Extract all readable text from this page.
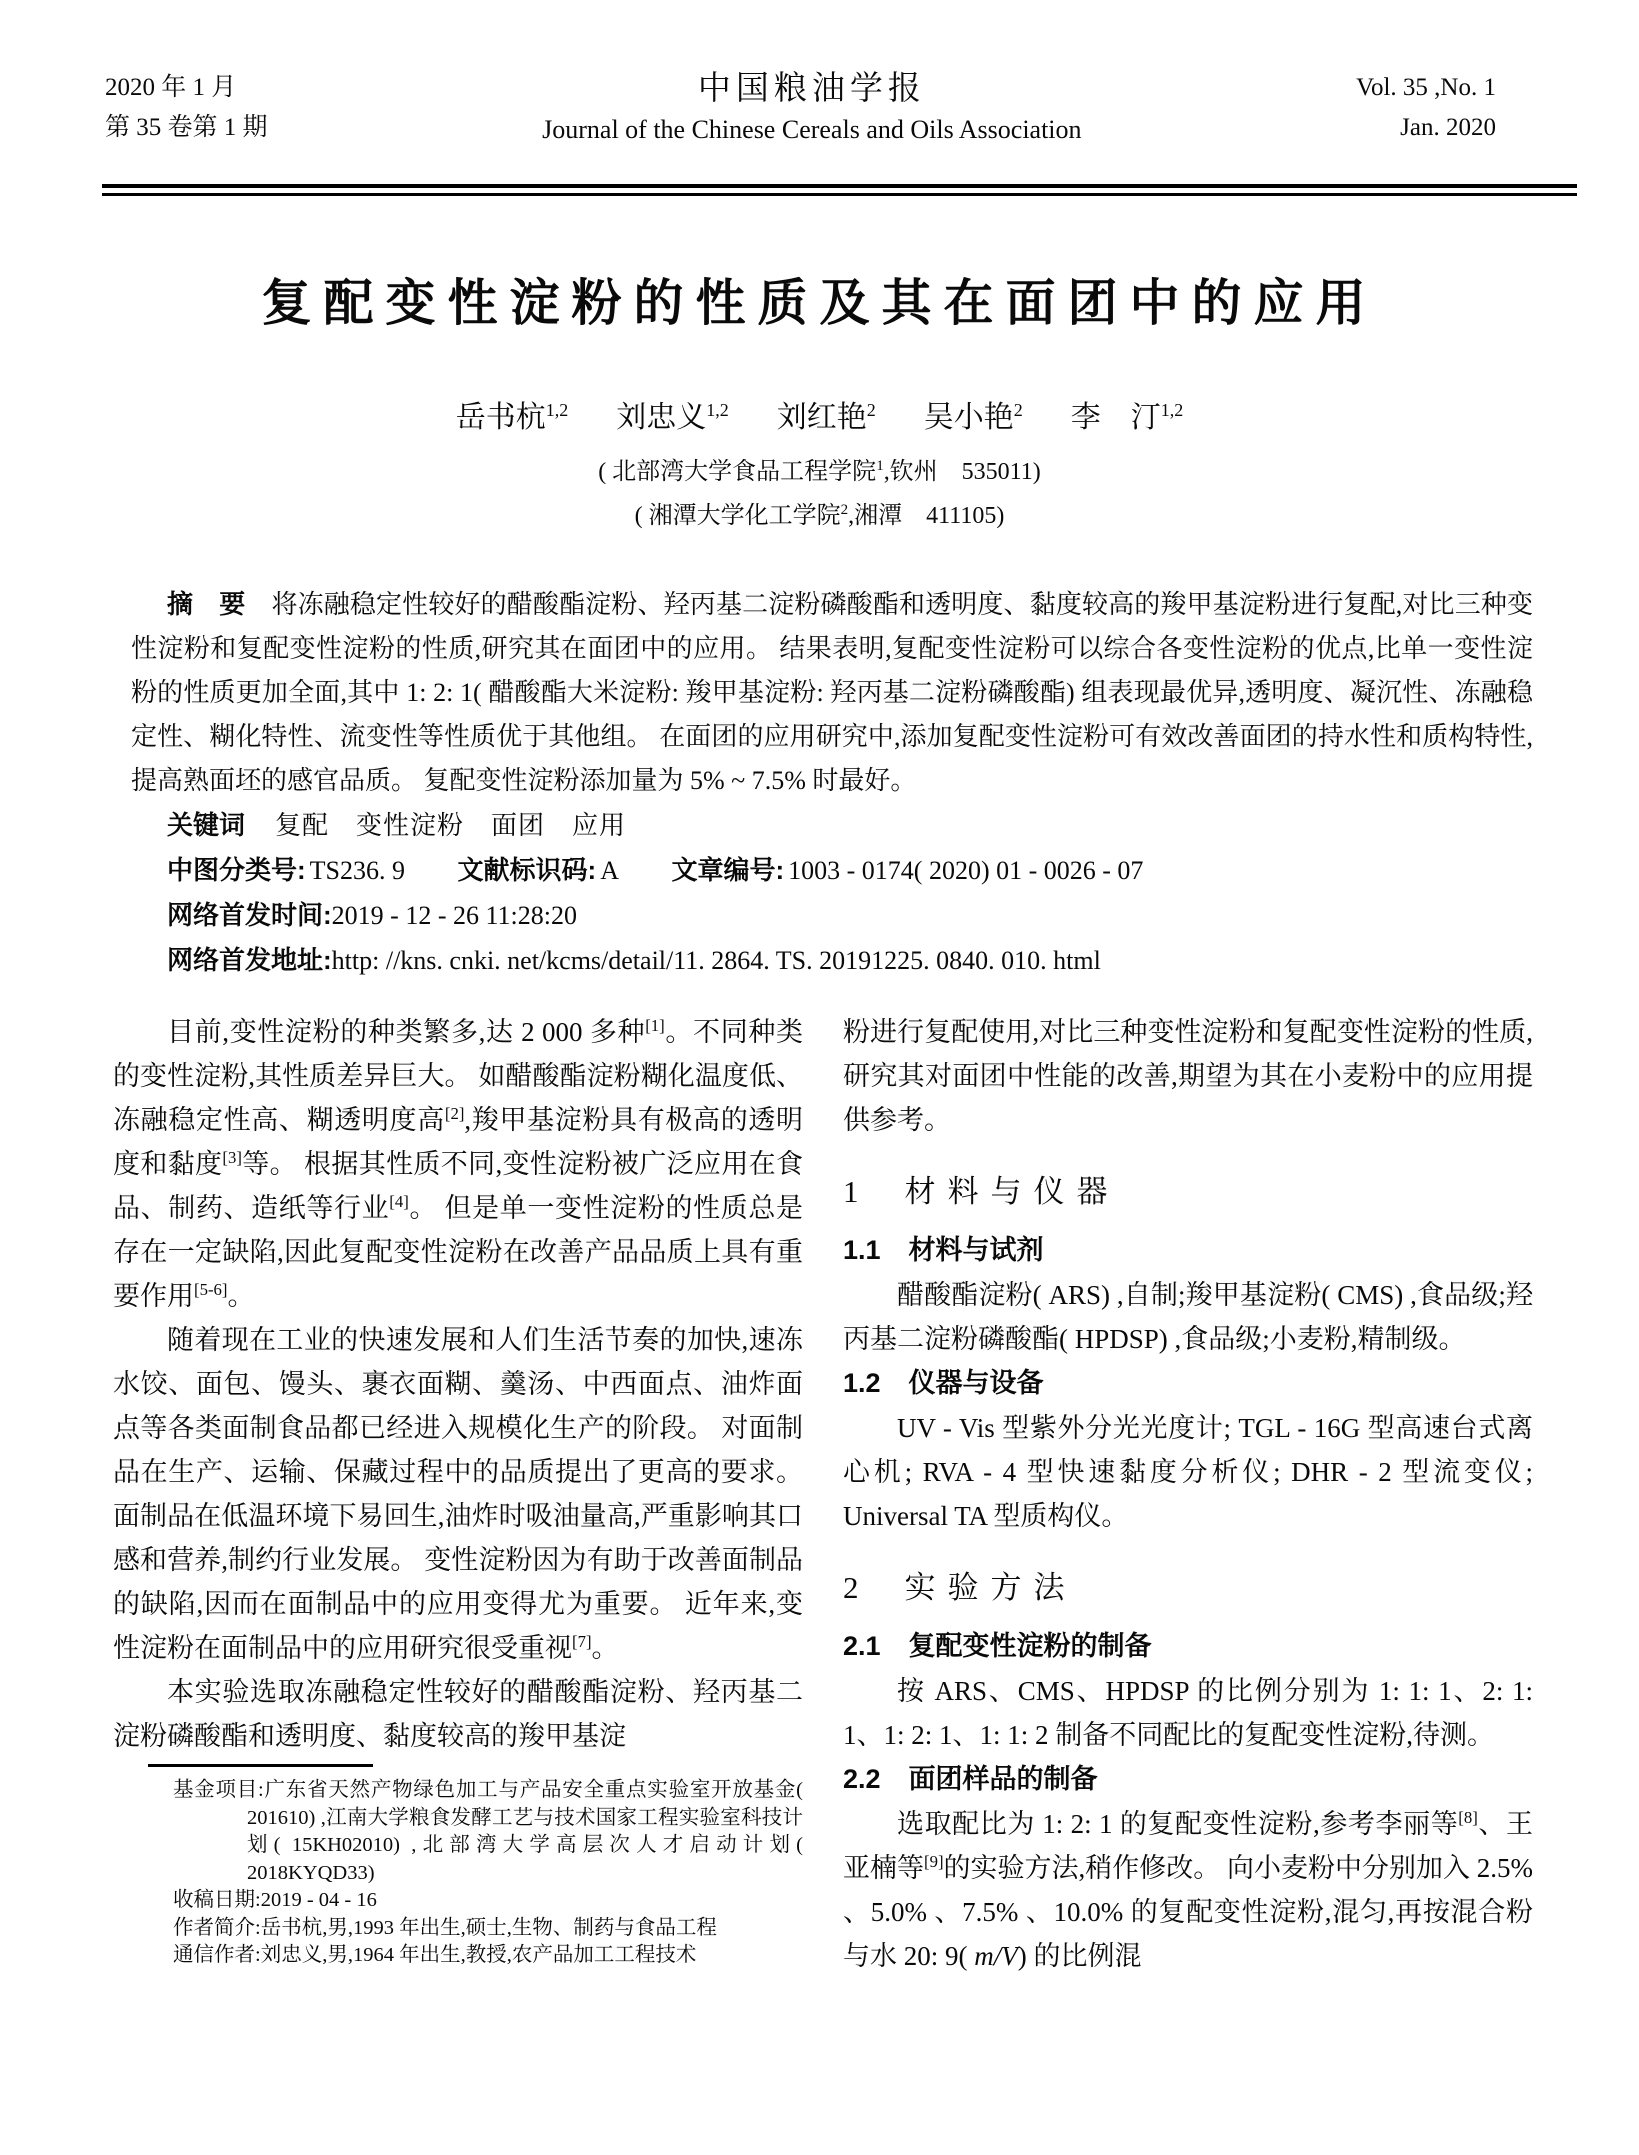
2020 年 1 月
第 35 卷第 1 期
中国粮油学报
Journal of the Chinese Cereals and Oils Association
Vol. 35 ,No. 1
Jan. 2020
复配变性淀粉的性质及其在面团中的应用
岳书杭$^{1,2}$ 刘忠义$^{1,2}$ 刘红艳$^2$ 吴小艳$^2$ 李　汀$^{1,2}$
( 北部湾大学食品工程学院$^1$,钦州　535011)
( 湘潭大学化工学院$^2$,湘潭　411105)
摘　要 将冻融稳定性较好的醋酸酯淀粉、羟丙基二淀粉磷酸酯和透明度、黏度较高的羧甲基淀粉进行复配,对比三种变性淀粉和复配变性淀粉的性质,研究其在面团中的应用。 结果表明,复配变性淀粉可以综合各变性淀粉的优点,比单一变性淀粉的性质更加全面,其中 1: 2: 1( 醋酸酯大米淀粉: 羧甲基淀粉: 羟丙基二淀粉磷酸酯) 组表现最优异,透明度、凝沉性、冻融稳定性、糊化特性、流变性等性质优于其他组。 在面团的应用研究中,添加复配变性淀粉可有效改善面团的持水性和质构特性,提高熟面坯的感官品质。 复配变性淀粉添加量为 5% ~ 7.5% 时最好。
关键词 复配　变性淀粉　面团　应用
中图分类号: TS236. 9 文献标识码: A 文章编号: 1003 - 0174( 2020) 01 - 0026 - 07
网络首发时间:2019 - 12 - 26 11:28:20
网络首发地址:http: //kns. cnki. net/kcms/detail/11. 2864. TS. 20191225. 0840. 010. html

目前,变性淀粉的种类繁多,达 2 000 多种[1]。不同种类的变性淀粉,其性质差异巨大。 如醋酸酯淀粉糊化温度低、冻融稳定性高、糊透明度高[2],羧甲基淀粉具有极高的透明度和黏度[3]等。 根据其性质不同,变性淀粉被广泛应用在食品、制药、造纸等行业[4]。 但是单一变性淀粉的性质总是存在一定缺陷,因此复配变性淀粉在改善产品品质上具有重要作用[5-6]。

随着现在工业的快速发展和人们生活节奏的加快,速冻水饺、面包、馒头、裹衣面糊、羹汤、中西面点、油炸面点等各类面制食品都已经进入规模化生产的阶段。 对面制品在生产、运输、保藏过程中的品质提出了更高的要求。 面制品在低温环境下易回生,油炸时吸油量高,严重影响其口感和营养,制约行业发展。 变性淀粉因为有助于改善面制品的缺陷,因而在面制品中的应用变得尤为重要。 近年来,变性淀粉在面制品中的应用研究很受重视[7]。

本实验选取冻融稳定性较好的醋酸酯淀粉、羟丙基二淀粉磷酸酯和透明度、黏度较高的羧甲基淀

基金项目:广东省天然产物绿色加工与产品安全重点实验室开放基金( 201610) ,江南大学粮食发酵工艺与技术国家工程实验室科技计划( 15KH02010) ,北部湾大学高层次人才启动计划( 2018KYQD33)
收稿日期:2019 - 04 - 16
作者简介:岳书杭,男,1993 年出生,硕士,生物、制药与食品工程
通信作者:刘忠义,男,1964 年出生,教授,农产品加工工程技术

粉进行复配使用,对比三种变性淀粉和复配变性淀粉的性质,研究其对面团中性能的改善,期望为其在小麦粉中的应用提供参考。

1 材料与仪器
1.1 材料与试剂

醋酸酯淀粉( ARS) ,自制;羧甲基淀粉( CMS) ,食品级;羟丙基二淀粉磷酸酯( HPDSP) ,食品级;小麦粉,精制级。

1.2 仪器与设备

UV - Vis 型紫外分光光度计; TGL - 16G 型高速台式离心机; RVA - 4 型快速黏度分析仪; DHR - 2 型流变仪; Universal TA 型质构仪。

2 实验方法
2.1 复配变性淀粉的制备

按 ARS、CMS、HPDSP 的比例分别为 1: 1: 1、2: 1: 1、1: 2: 1、1: 1: 2 制备不同配比的复配变性淀粉,待测。

2.2 面团样品的制备

选取配比为 1: 2: 1 的复配变性淀粉,参考李丽等[8]、王亚楠等[9]的实验方法,稍作修改。 向小麦粉中分别加入 2.5% 、5.0% 、7.5% 、10.0% 的复配变性淀粉,混匀,再按混合粉与水 20: 9( m/V) 的比例混
